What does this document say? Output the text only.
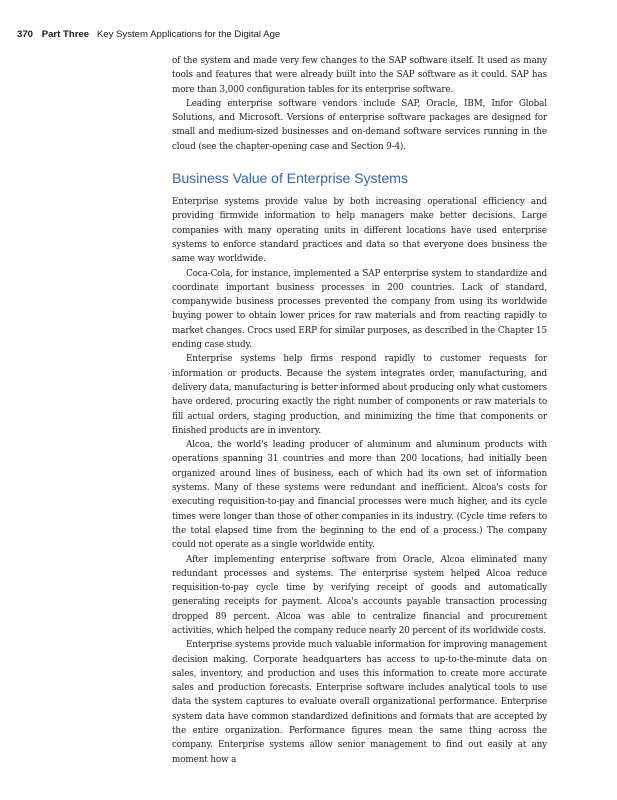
370 Part Three Key System Applications for the Digital Age

of the system and made very few changes to the SAP software itself. It used as many tools and features that were already built into the SAP software as it could. SAP has more than 3,000 configuration tables for its enterprise software.

Leading enterprise software vendors include SAP, Oracle, IBM, Infor Global Solutions, and Microsoft. Versions of enterprise software packages are designed for small and medium-sized businesses and on-demand software services running in the cloud (see the chapter-opening case and Section 9-4).

Business Value of Enterprise Systems

Enterprise systems provide value by both increasing operational efficiency and providing firmwide information to help managers make better decisions. Large companies with many operating units in different locations have used enterprise systems to enforce standard practices and data so that everyone does business the same way worldwide.

Coca-Cola, for instance, implemented a SAP enterprise system to standardize and coordinate important business processes in 200 countries. Lack of standard, companywide business processes prevented the company from using its worldwide buying power to obtain lower prices for raw materials and from reacting rapidly to market changes. Crocs used ERP for similar purposes, as described in the Chapter 15 ending case study.

Enterprise systems help firms respond rapidly to customer requests for information or products. Because the system integrates order, manufacturing, and delivery data, manufacturing is better informed about producing only what customers have ordered, procuring exactly the right number of components or raw materials to fill actual orders, staging production, and minimizing the time that components or finished products are in inventory.

Alcoa, the world's leading producer of aluminum and aluminum products with operations spanning 31 countries and more than 200 locations, had initially been organized around lines of business, each of which had its own set of information systems. Many of these systems were redundant and inefficient. Alcoa's costs for executing requisition-to-pay and financial processes were much higher, and its cycle times were longer than those of other companies in its industry. (Cycle time refers to the total elapsed time from the beginning to the end of a process.) The company could not operate as a single worldwide entity.

After implementing enterprise software from Oracle, Alcoa eliminated many redundant processes and systems. The enterprise system helped Alcoa reduce requisition-to-pay cycle time by verifying receipt of goods and automatically generating receipts for payment. Alcoa's accounts payable transaction processing dropped 89 percent. Alcoa was able to centralize financial and procurement activities, which helped the company reduce nearly 20 percent of its worldwide costs.

Enterprise systems provide much valuable information for improving management decision making. Corporate headquarters has access to up-to-the-minute data on sales, inventory, and production and uses this information to create more accurate sales and production forecasts. Enterprise software includes analytical tools to use data the system captures to evaluate overall organizational performance. Enterprise system data have common standardized definitions and formats that are accepted by the entire organization. Performance figures mean the same thing across the company. Enterprise systems allow senior management to find out easily at any moment how a
